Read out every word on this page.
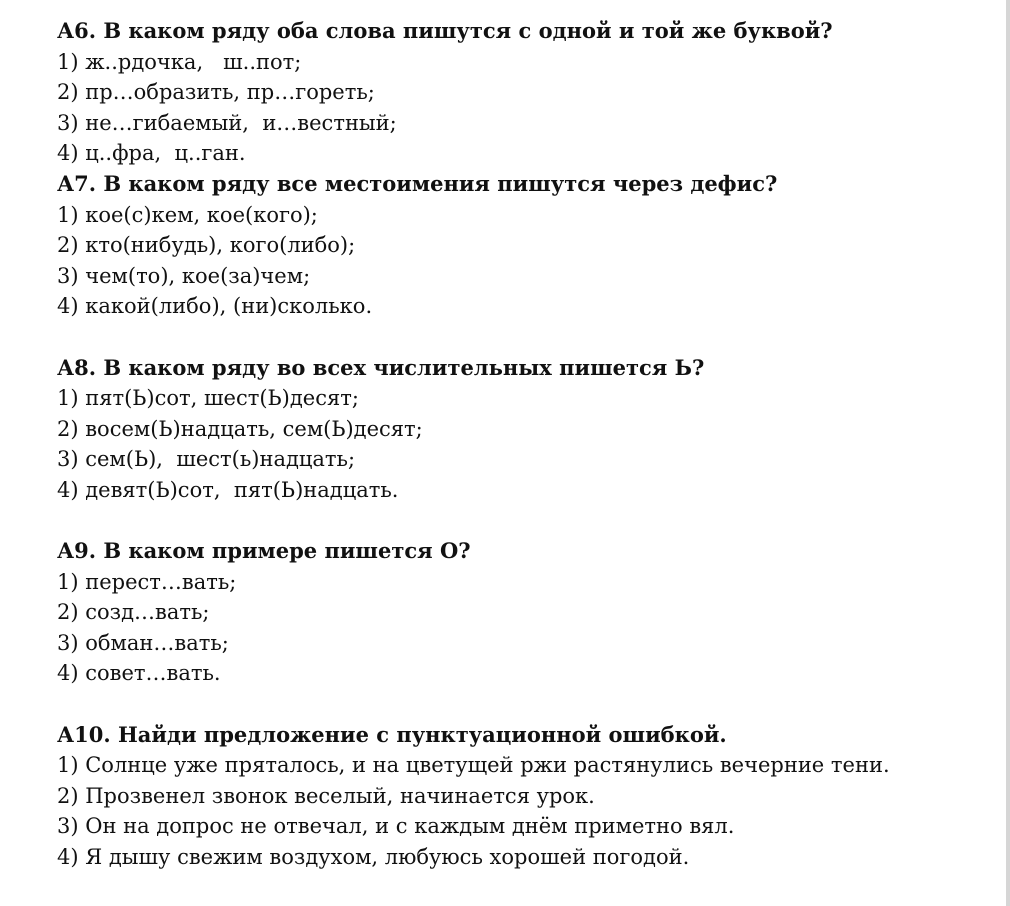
А6. В каком ряду оба слова пишутся с одной и той же буквой?
1) ж..рдочка,   ш..пот;
2) пр…образить, пр…гореть;
3) не…гибаемый,  и…вестный;
4) ц..фра,  ц..ган.
А7. В каком ряду все местоимения пишутся через дефис?
1) кое(с)кем, кое(кого);
2) кто(нибудь), кого(либо);
3) чем(то), кое(за)чем;
4) какой(либо), (ни)сколько.
А8. В каком ряду во всех числительных пишется Ь?
1) пят(Ь)сот, шест(Ь)десят;
2) восем(Ь)надцать, сем(Ь)десят;
3) сем(Ь),  шест(ь)надцать;
4) девят(Ь)сот,  пят(Ь)надцать.
А9. В каком примере пишется О?
1) перест…вать;
2) созд…вать;
3) обман…вать;
4) совет…вать.
А10. Найди предложение с пунктуационной ошибкой.
1) Солнце уже пряталось, и на цветущей ржи растянулись вечерние тени.
2) Прозвенел звонок веселый, начинается урок.
3) Он на допрос не отвечал, и с каждым днём приметно вял.
4) Я дышу свежим воздухом, любуюсь хорошей погодой.
